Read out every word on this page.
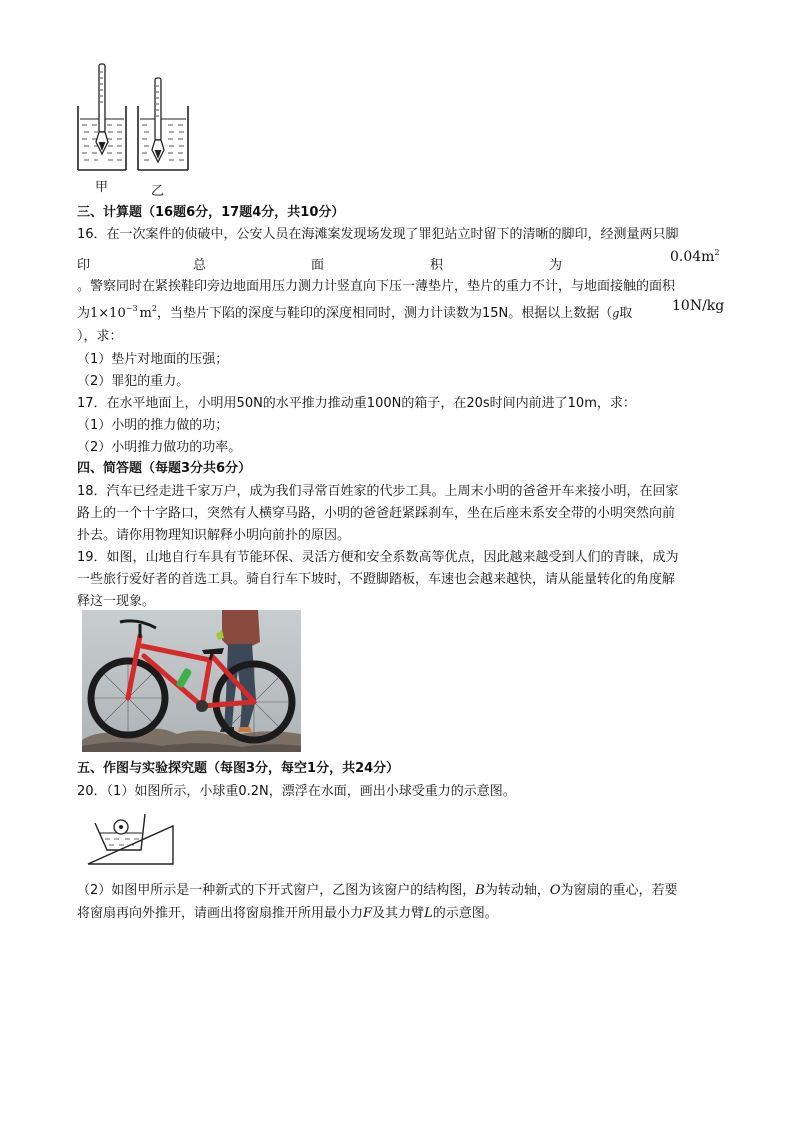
甲	乙
三、计算题（16题6分，17题4分，共10分）
16．在一次案件的侦破中，公安人员在海滩案发现场发现了罪犯站立时留下的清晰的脚印，经测量两只脚
印	总	面	积	为
$0.04m^2$
。警察同时在紧挨鞋印旁边地面用压力测力计竖直向下压一薄垫片，垫片的重力不计，与地面接触的面积
为$1\times 10^{-3}$ $m^2$，当垫片下陷的深度与鞋印的深度相同时，测力计读数为15N。根据以上数据（g取	10N/kg
），求：
（1）垫片对地面的压强；
（2）罪犯的重力。
17．在水平地面上，小明用50N的水平推力推动重100N的箱子，在20s时间内前进了10m，求：
（1）小明的推力做的功；
（2）小明推力做功的功率。
四、简答题（每题3分共6分）
18．汽车已经走进千家万户，成为我们寻常百姓家的代步工具。上周末小明的爸爸开车来接小明，在回家
路上的一个十字路口，突然有人横穿马路，小明的爸爸赶紧踩刹车，坐在后座未系安全带的小明突然向前
扑去。请你用物理知识解释小明向前扑的原因。
19．如图，山地自行车具有节能环保、灵活方便和安全系数高等优点，因此越来越受到人们的青睐，成为
一些旅行爱好者的首选工具。骑自行车下坡时，不蹬脚踏板，车速也会越来越快，请从能量转化的角度解
释这一现象。
五、作图与实验探究题（每图3分，每空1分，共24分）
20．（1）如图所示，小球重0.2N，漂浮在水面，画出小球受重力的示意图。
（2）如图甲所示是一种新式的下开式窗户，乙图为该窗户的结构图，B为转动轴，O为窗扇的重心，若要
将窗扇再向外推开，请画出将窗扇推开所用最小力F及其力臂L的示意图。
